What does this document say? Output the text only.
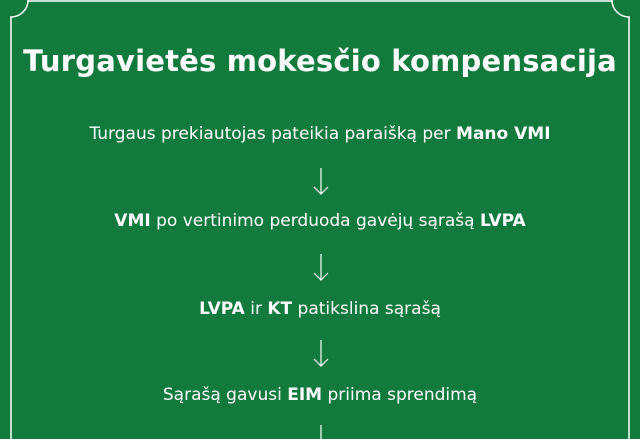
Turgavietės mokesčio kompensacija
Turgaus prekiautojas pateikia paraišką per Mano VMI
VMI po vertinimo perduoda gavėjų sąrašą LVPA
LVPA ir KT patikslina sąrašą
Sąrašą gavusi EIM priima sprendimą
